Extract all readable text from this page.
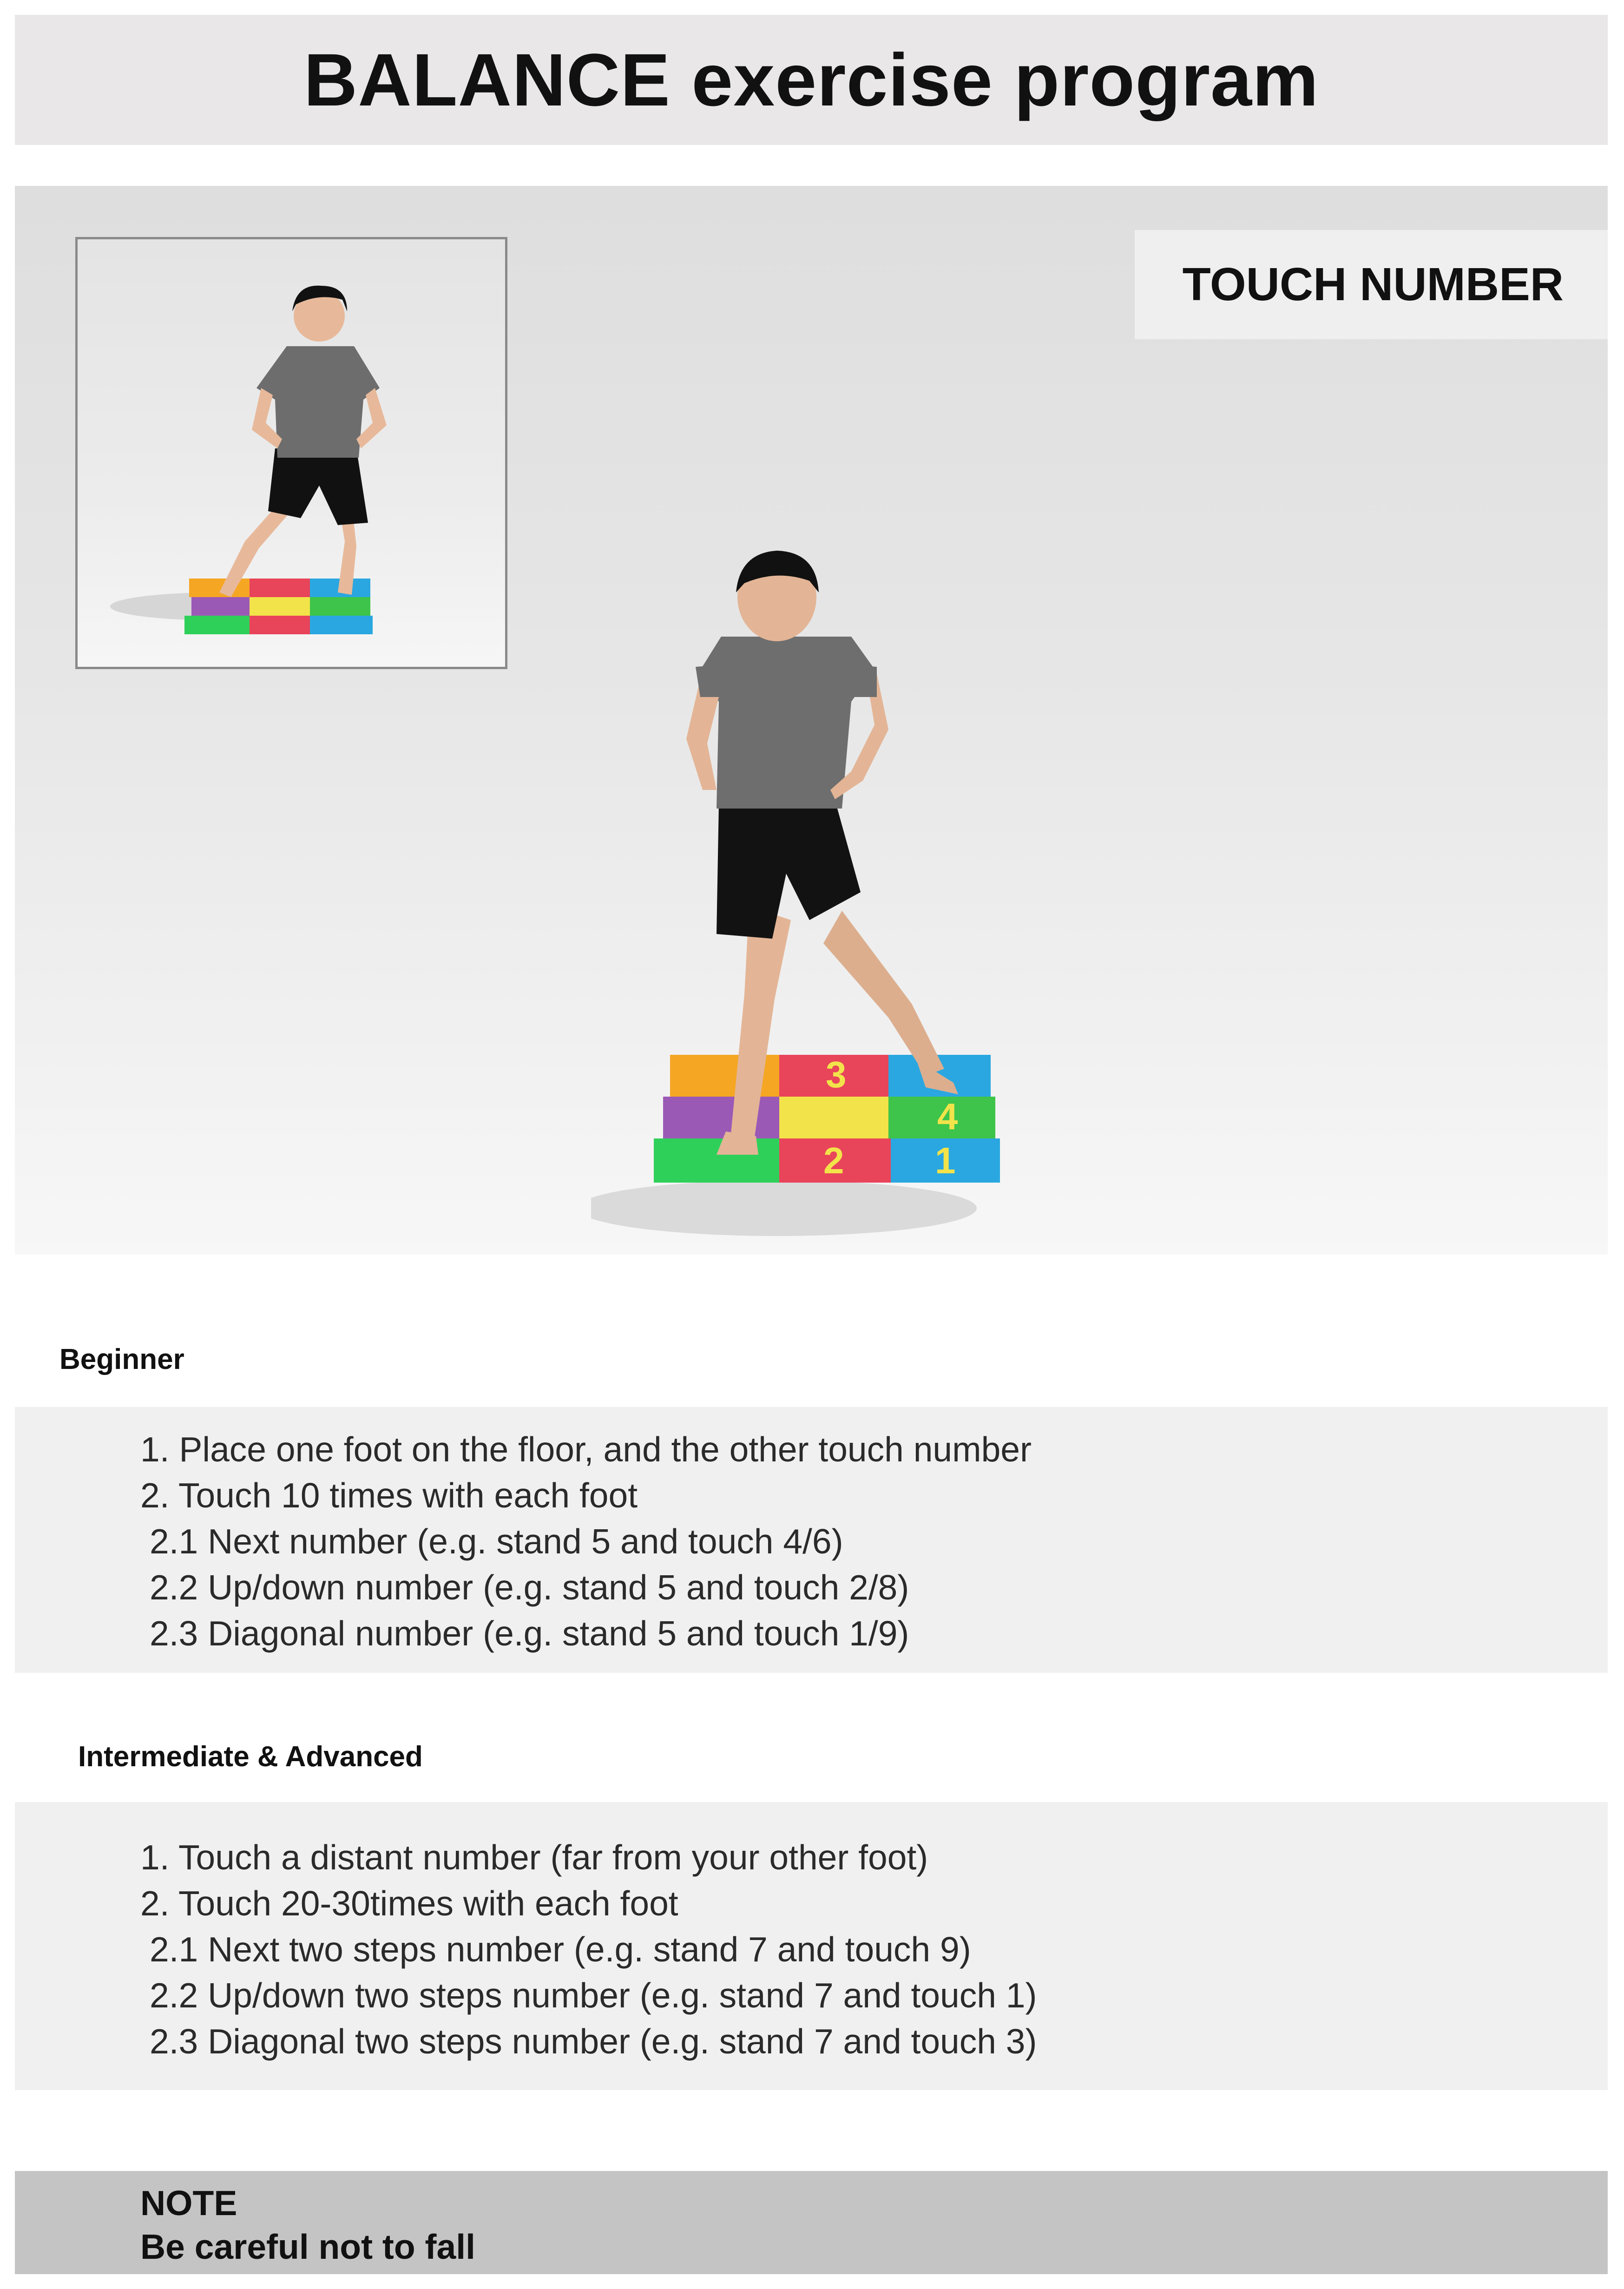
BALANCE exercise program
3
4
2 1
TOUCH NUMBER
Beginner
1. Place one foot on the floor, and the other touch number
2. Touch 10 times with each foot
2.1 Next number (e.g. stand 5 and touch 4/6)
2.2 Up/down number (e.g. stand 5 and touch 2/8)
2.3 Diagonal number (e.g. stand 5 and touch 1/9)
Intermediate & Advanced
1. Touch a distant number (far from your other foot)
2. Touch 20-30times with each foot
2.1 Next two steps number (e.g. stand 7 and touch 9)
2.2 Up/down two steps number (e.g. stand 7 and touch 1)
2.3 Diagonal two steps number (e.g. stand 7 and touch 3)
NOTE
Be careful not to fall
